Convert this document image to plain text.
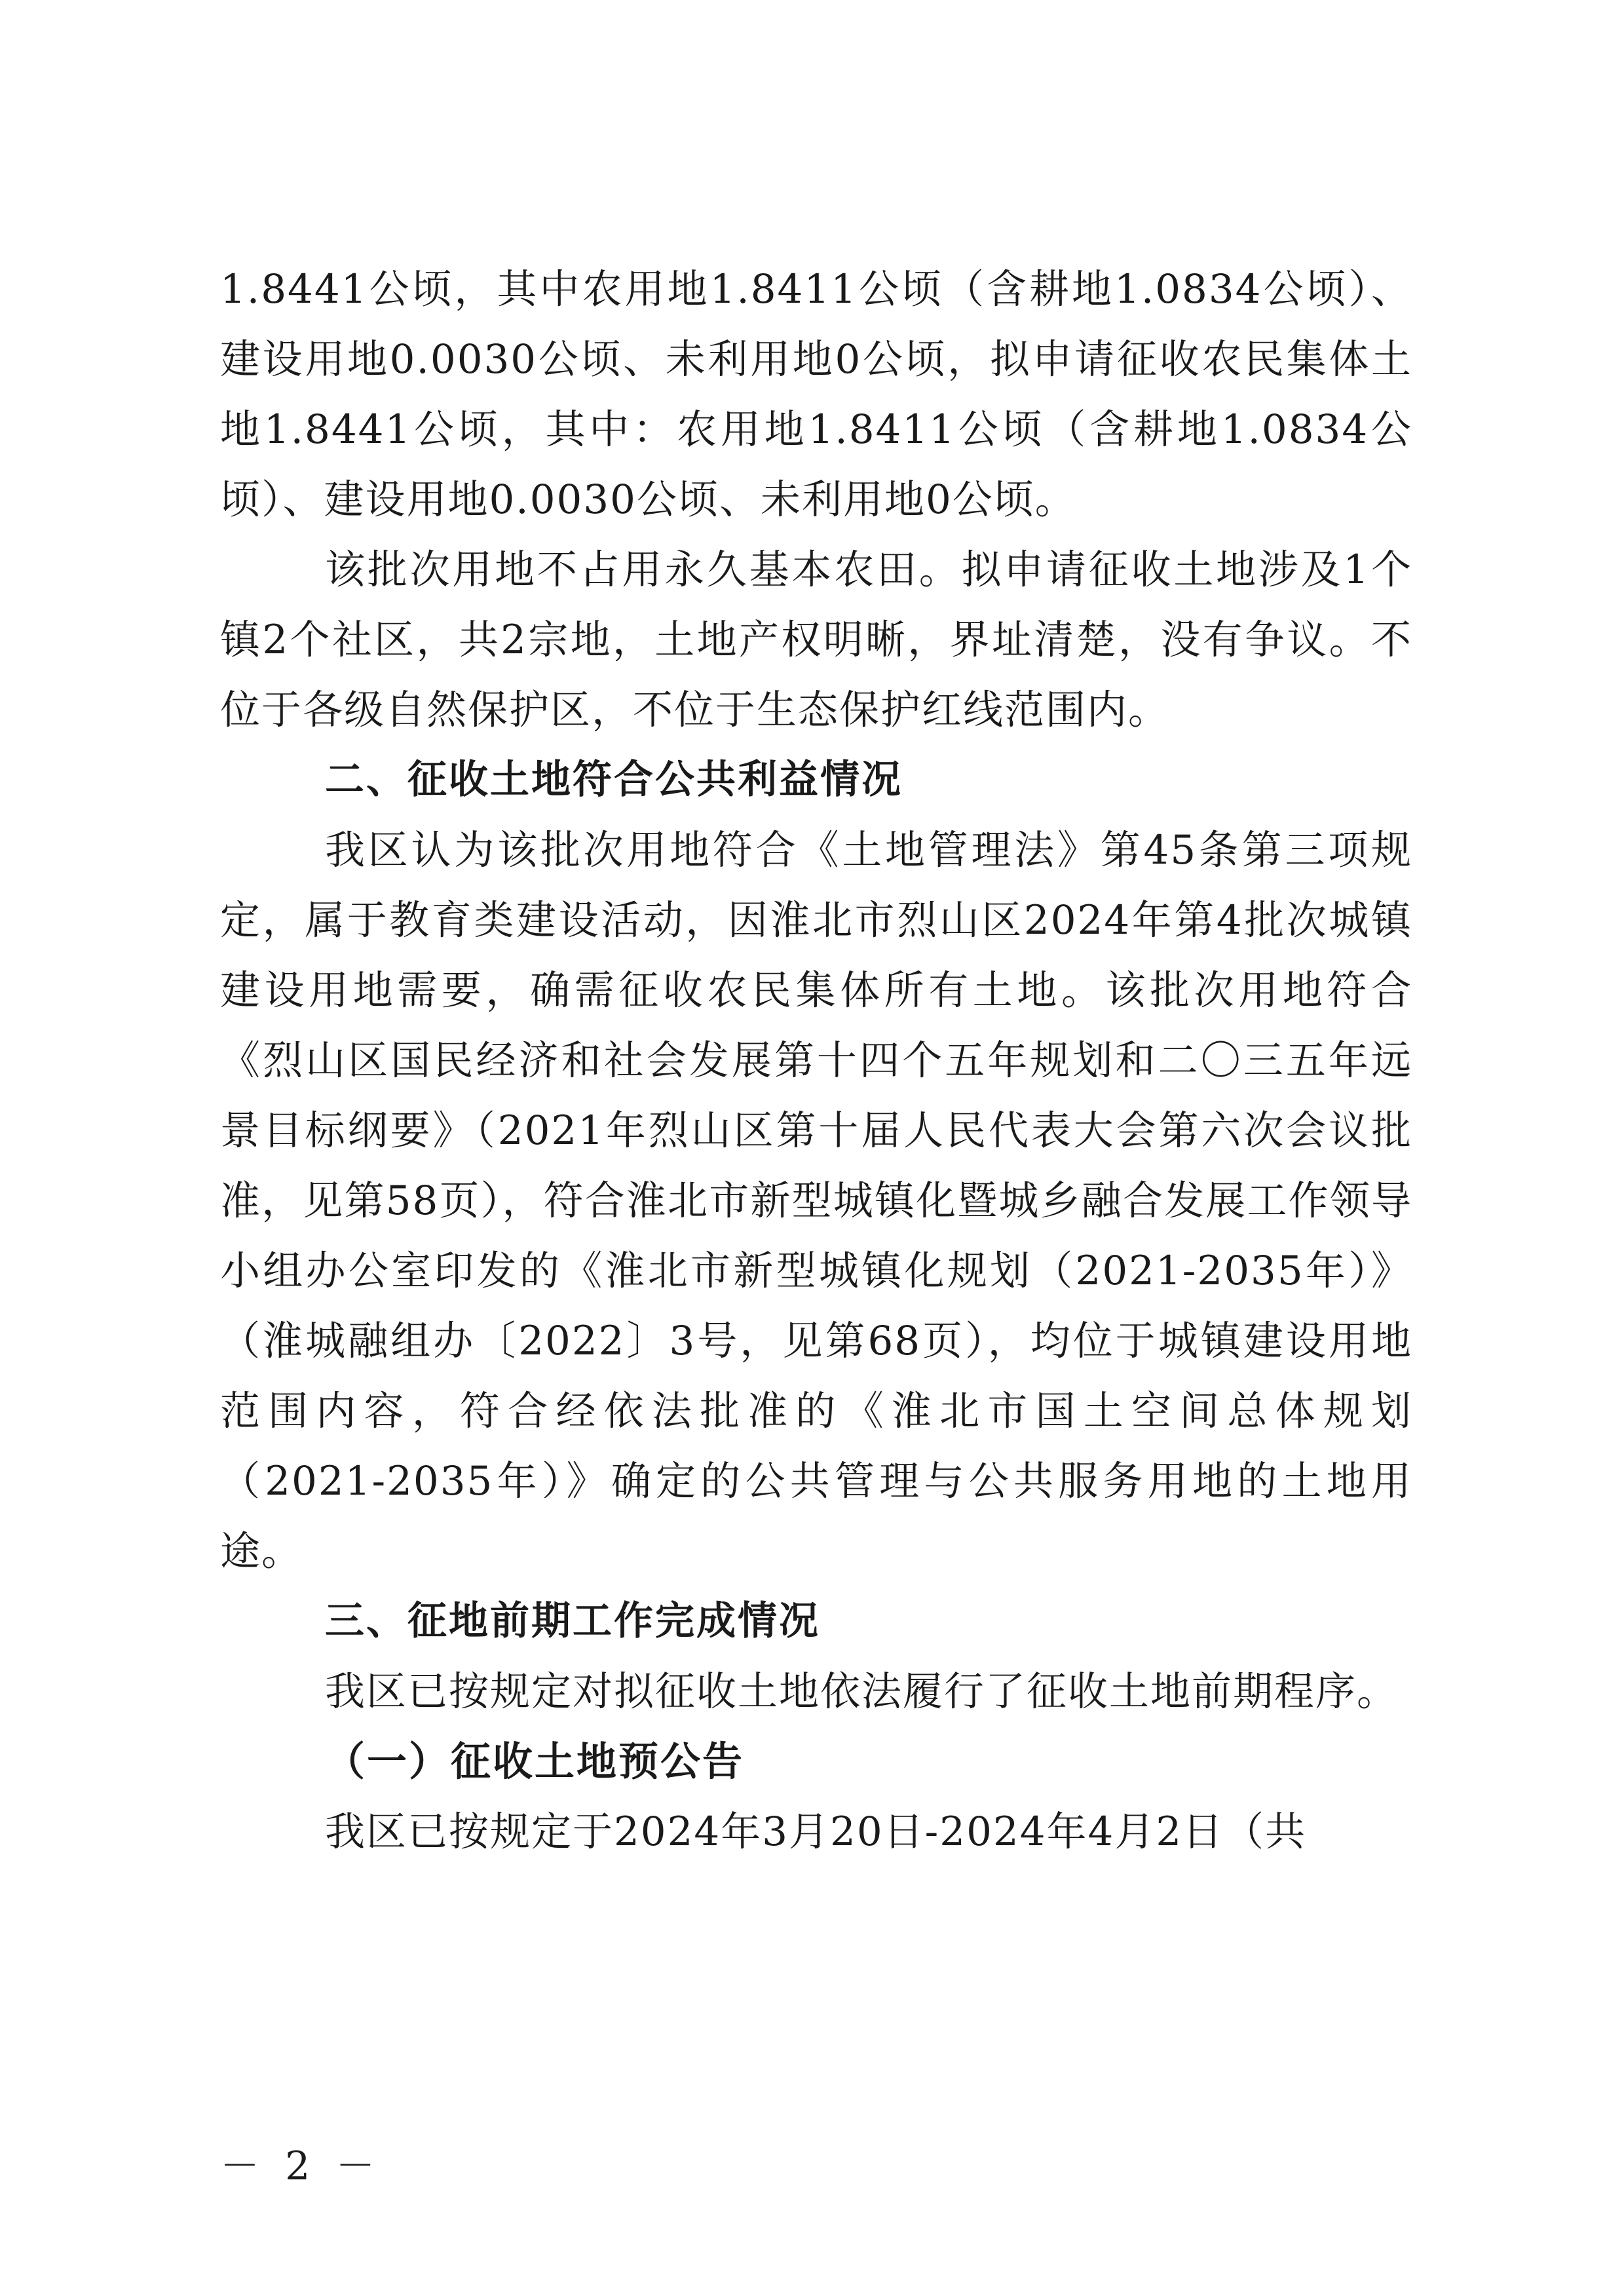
1.8441公顷，其中农用地1.8411公顷（含耕地1.0834公顷）、建设用地0.0030公顷、未利用地0公顷，拟申请征收农民集体土地1.8441公顷，其中：农用地1.8411公顷（含耕地1.0834公顷）、建设用地0.0030公顷、未利用地0公顷。

该批次用地不占用永久基本农田。拟申请征收土地涉及1个镇2个社区，共2宗地，土地产权明晰，界址清楚，没有争议。不位于各级自然保护区，不位于生态保护红线范围内。

二、征收土地符合公共利益情况

我区认为该批次用地符合《土地管理法》第45条第三项规定，属于教育类建设活动，因淮北市烈山区2024年第4批次城镇建设用地需要，确需征收农民集体所有土地。该批次用地符合《烈山区国民经济和社会发展第十四个五年规划和二〇三五年远景目标纲要》（2021年烈山区第十届人民代表大会第六次会议批准，见第58页），符合淮北市新型城镇化暨城乡融合发展工作领导小组办公室印发的《淮北市新型城镇化规划（2021-2035年）》（淮城融组办〔2022〕3号，见第68页），均位于城镇建设用地范围内容，符合经依法批准的《淮北市国土空间总体规划（2021-2035年）》确定的公共管理与公共服务用地的土地用途。

三、征地前期工作完成情况

我区已按规定对拟征收土地依法履行了征收土地前期程序。

（一）征收土地预公告

我区已按规定于2024年3月20日-2024年4月2日（共

－ 2 －
